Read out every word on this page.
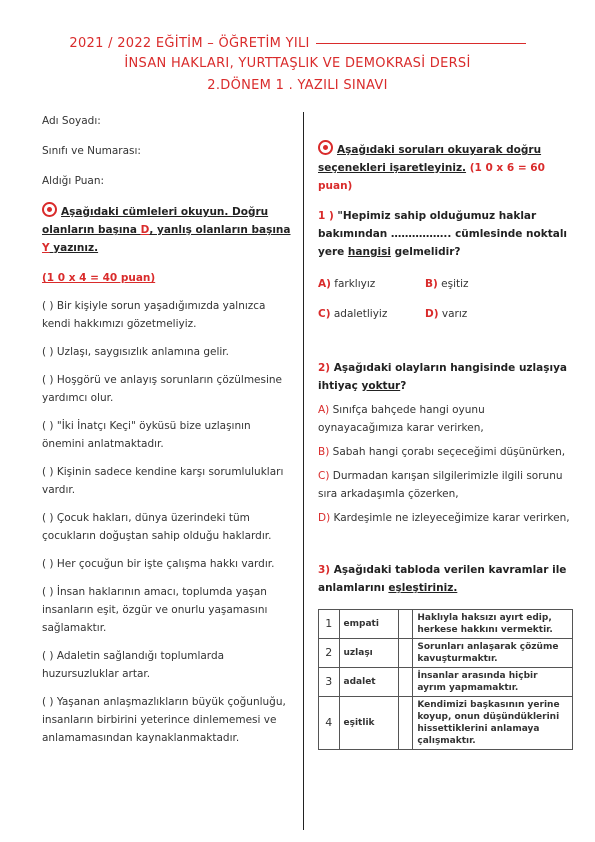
2021 / 2022 EĞİTİM – ÖĞRETİM YILI
İNSAN HAKLARI, YURTTAŞLIK VE DEMOKRASİ DERSİ
2.DÖNEM 1 . YAZILI SINAVI
Adı Soyadı:
Sınıfı ve Numarası:
Aldığı Puan:
Aşağıdaki cümleleri okuyun. Doğru olanların başına D, yanlış olanların başına Y yazınız.
(1 0 x 4 = 40 puan)
( ) Bir kişiyle sorun yaşadığımızda yalnızca kendi hakkımızı gözetmeliyiz.
( ) Uzlaşı, saygısızlık anlamına gelir.
( ) Hoşgörü ve anlayış sorunların çözülmesine yardımcı olur.
( ) "İki İnatçı Keçi" öyküsü bize uzlaşının önemini anlatmaktadır.
( ) Kişinin sadece kendine karşı sorumlulukları vardır.
( ) Çocuk hakları, dünya üzerindeki tüm çocukların doğuştan sahip olduğu haklardır.
( ) Her çocuğun bir işte çalışma hakkı vardır.
( ) İnsan haklarının amacı, toplumda yaşan insanların eşit, özgür ve onurlu yaşamasını sağlamaktır.
( ) Adaletin sağlandığı toplumlarda huzursuzluklar artar.
( ) Yaşanan anlaşmazlıkların büyük çoğunluğu, insanların birbirini yeterince dinlememesi ve anlamamasından kaynaklanmaktadır.
Aşağıdaki soruları okuyarak doğru seçenekleri işaretleyiniz. (1 0 x 6 = 60 puan)
1 ) "Hepimiz sahip olduğumuz haklar bakımından …………….. cümlesinde noktalı yere hangisi gelmelidir?
A) farklıyız	B) eşitiz
C) adaletliyiz	D) varız
2) Aşağıdaki olayların hangisinde uzlaşıya ihtiyaç yoktur?
A) Sınıfça bahçede hangi oyunu oynayacağımıza karar verirken,
B) Sabah hangi çorabı seçeceğimi düşünürken,
C) Durmadan karışan silgilerimizle ilgili sorunu sıra arkadaşımla çözerken,
D) Kardeşimle ne izleyeceğimize karar verirken,
3) Aşağıdaki tabloda verilen kavramlar ile anlamlarını eşleştiriniz.
1	empati		Haklıyla haksızı ayırt edip, herkese hakkını vermektir.
2	uzlaşı		Sorunları anlaşarak çözüme kavuşturmaktır.
3	adalet		İnsanlar arasında hiçbir ayrım yapmamaktır.
4	eşitlik		Kendimizi başkasının yerine koyup, onun düşündüklerini hissettiklerini anlamaya çalışmaktır.
